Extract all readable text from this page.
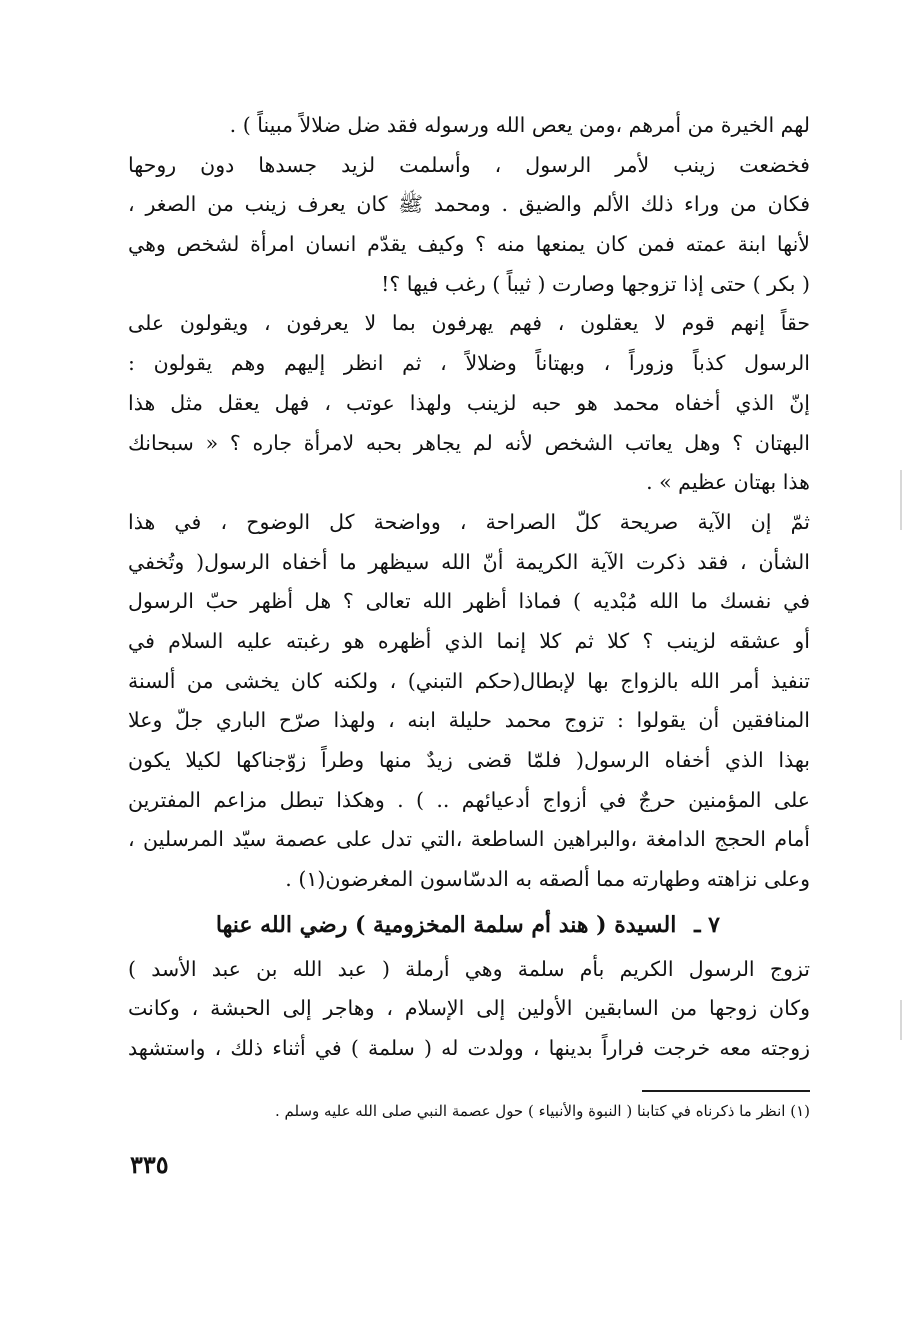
لهم الخيرة من أمرهم ،ومن يعص الله ورسوله فقد ضل ضلالاً مبيناً ) .
فخضعت زينب لأمر الرسول ، وأسلمت لزيد جسدها دون روحها
فكان من وراء ذلك الألم والضيق . ومحمد ﷺ كان يعرف زينب من الصغر ،
لأنها ابنة عمته فمن كان يمنعها منه ؟ وكيف يقدّم انسان امرأة لشخص وهي
( بكر ) حتى إذا تزوجها وصارت ( ثيباً ) رغب فيها ؟!
حقاً إنهم قوم لا يعقلون ، فهم يهرفون بما لا يعرفون ، ويقولون على
الرسول كذباً وزوراً ، وبهتاناً وضلالاً ، ثم انظر إليهم وهم يقولون :
إنّ الذي أخفاه محمد هو حبه لزينب ولهذا عوتب ، فهل يعقل مثل هذا
البهتان ؟ وهل يعاتب الشخص لأنه لم يجاهر بحبه لامرأة جاره ؟ « سبحانك
هذا بهتان عظيم » .
ثمّ إن الآية صريحة كلّ الصراحة ، وواضحة كل الوضوح ، في هذا
الشأن ، فقد ذكرت الآية الكريمة أنّ الله سيظهر ما أخفاه الرسول( وتُخفي
في نفسك ما الله مُبْديه ) فماذا أظهر الله تعالى ؟ هل أظهر حبّ الرسول
أو عشقه لزينب ؟ كلا ثم كلا إنما الذي أظهره هو رغبته عليه السلام في
تنفيذ أمر الله بالزواج بها لإبطال(حكم التبني) ، ولكنه كان يخشى من ألسنة
المنافقين أن يقولوا : تزوج محمد حليلة ابنه ، ولهذا صرّح الباري جلّ وعلا
بهذا الذي أخفاه الرسول( فلمّا قضى زيدٌ منها وطراً زوّجناكها لكيلا يكون
على المؤمنين حرجٌ في أزواج أدعيائهم .. ) . وهكذا تبطل مزاعم المفترين
أمام الحجج الدامغة ،والبراهين الساطعة ،التي تدل على عصمة سيّد المرسلين ،
وعلى نزاهته وطهارته مما ألصقه به الدسّاسون المغرضون(١) .
٧ ـ السيدة ( هند أم سلمة المخزومية ) رضي الله عنها
تزوج الرسول الكريم بأم سلمة وهي أرملة ( عبد الله بن عبد الأسد )
وكان زوجها من السابقين الأولين إلى الإسلام ، وهاجر إلى الحبشة ، وكانت
زوجته معه خرجت فراراً بدينها ، وولدت له ( سلمة ) في أثناء ذلك ، واستشهد
(١) انظر ما ذكرناه في كتابنا ( النبوة والأنبياء ) حول عصمة النبي صلى الله عليه وسلم .
٣٣٥
